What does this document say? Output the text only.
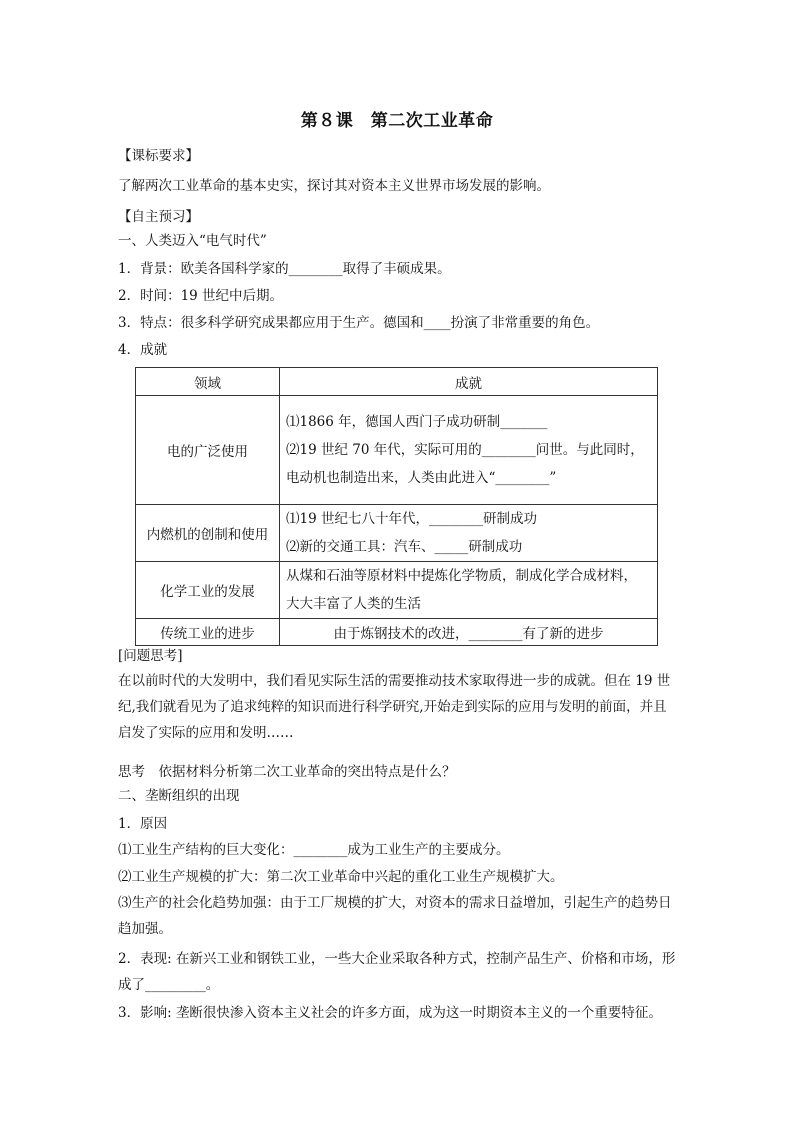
第８课　第二次工业革命
【课标要求】
了解两次工业革命的基本史实，探讨其对资本主义世界市场发展的影响。
【自主预习】
一、人类迈入“电气时代”
1．背景：欧美各国科学家的________取得了丰硕成果。
2．时间：19 世纪中后期。
3．特点：很多科学研究成果都应用于生产。德国和____扮演了非常重要的角色。
4．成就
领域	成就
电的广泛使用	⑴1866 年，德国人西门子成功研制_______
⑵19 世纪 70 年代，实际可用的________问世。与此同时，
电动机也制造出来，人类由此进入“________”

内燃机的创制和使用	⑴19 世纪七八十年代，________研制成功
⑵新的交通工具：汽车、_____研制成功

化学工业的发展	从煤和石油等原材料中提炼化学物质，制成化学合成材料，
大大丰富了人类的生活

传统工业的进步	由于炼钢技术的改进，________有了新的进步
[问题思考]
在以前时代的大发明中，我们看见实际生活的需要推动技术家取得进一步的成就。但在 19 世纪,我们就看见为了追求纯粹的知识而进行科学研究,开始走到实际的应用与发明的前面，并且启发了实际的应用和发明……
思考　依据材料分析第二次工业革命的突出特点是什么？
二、垄断组织的出现
1．原因
⑴工业生产结构的巨大变化：________成为工业生产的主要成分。
⑵工业生产规模的扩大：第二次工业革命中兴起的重化工业生产规模扩大。
⑶生产的社会化趋势加强：由于工厂规模的扩大，对资本的需求日益增加，引起生产的趋势日趋加强。
2．表现: 在新兴工业和钢铁工业，一些大企业采取各种方式，控制产品生产、价格和市场，形成了_________。
3．影响: 垄断很快渗入资本主义社会的许多方面，成为这一时期资本主义的一个重要特征。
